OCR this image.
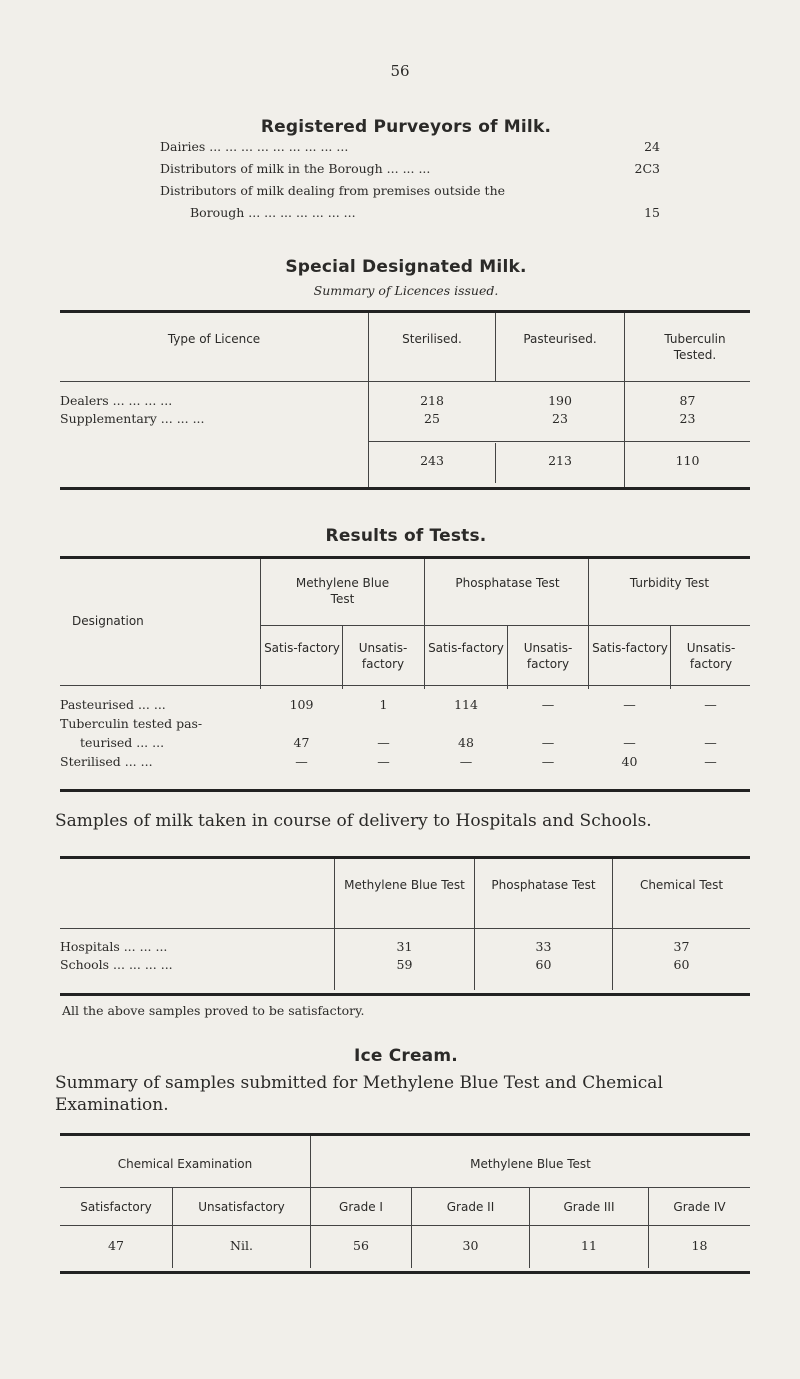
56
Registered Purveyors of Milk.
Dairies ... ... ... ... ... ... ... ... ...	24
Distributors of milk in the Borough ... ... ...	2C3
Distributors of milk dealing from premises outside the
Borough ... ... ... ... ... ... ...	15
Special Designated Milk.
Summary of Licences issued.
Type of Licence	Sterilised.	Pasteurised.	Tuberculin Tested.
Dealers ... ... ... ...	218	190	87
Supplementary ... ... ...	25	23	23
243	213	110
Results of Tests.
Designation
Methylene Blue Test
Phosphatase Test	Turbidity Test
Satis-factory	Unsatis-factory
Satis-factory	Unsatis-factory
Satis-factory	Unsatis-factory
Pasteurised ... ...	109	1	114	—	—	—
Tuberculin tested pas-
teurised ... ...	47	—	48	—	—	—
Sterilised ... ...	—	—	—	—	40	—

Samples of milk taken in course of delivery to Hospitals and Schools.

Methylene Blue Test	Phosphatase Test	Chemical Test
Hospitals ... ... ...	31	33	37
Schools ... ... ... ...	59	60	60
All the above samples proved to be satisfactory.
Ice Cream.

Summary of samples submitted for Methylene Blue Test and Chemical Examination.

Chemical Examination	Methylene Blue Test
Satisfactory	Unsatisfactory	Grade I	Grade II	Grade III	Grade IV
47	Nil.	56	30	11	18
